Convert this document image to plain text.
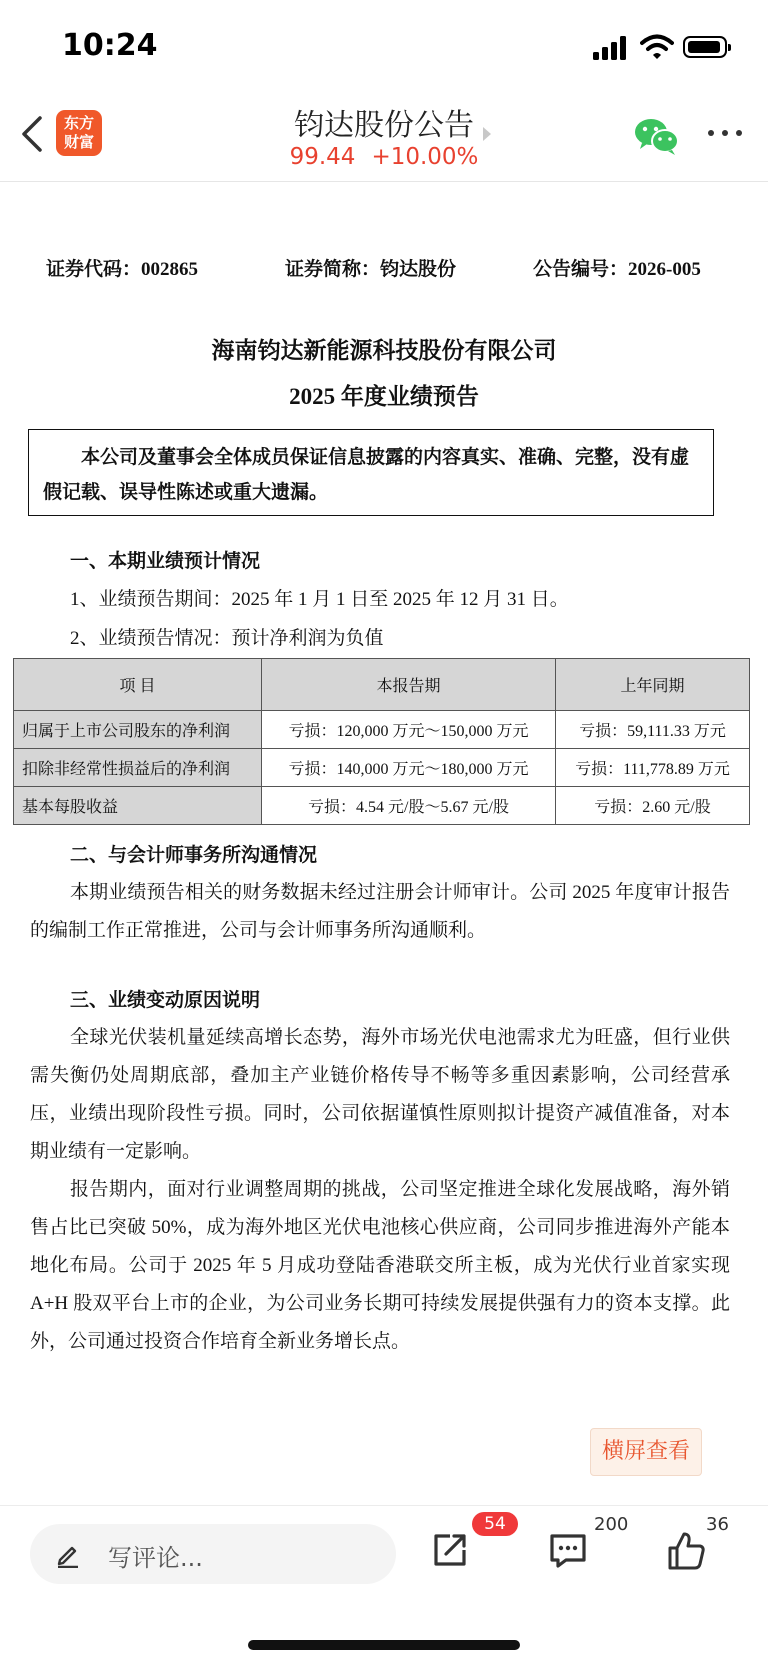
10:24
东方
财富	钧达股份公告
99.44 +10.00%
证券代码：002865	证券简称：钧达股份	公告编号：2026-005
海南钧达新能源科技股份有限公司
2025 年度业绩预告
本公司及董事会全体成员保证信息披露的内容真实、准确、完整，没有虚假记载、误导性陈述或重大遗漏。
一、本期业绩预计情况
1、业绩预告期间：2025 年 1 月 1 日至 2025 年 12 月 31 日。
2、业绩预告情况：预计净利润为负值
项 目	本报告期	上年同期
归属于上市公司股东的净利润	亏损：120,000 万元～150,000 万元	亏损：59,111.33 万元
扣除非经常性损益后的净利润	亏损：140,000 万元～180,000 万元	亏损：111,778.89 万元
基本每股收益	亏损：4.54 元/股～5.67 元/股	亏损：2.60 元/股
二、与会计师事务所沟通情况
本期业绩预告相关的财务数据未经过注册会计师审计。公司 2025 年度审计报告的编制工作正常推进，公司与会计师事务所沟通顺利。
三、业绩变动原因说明
全球光伏装机量延续高增长态势，海外市场光伏电池需求尤为旺盛，但行业供需失衡仍处周期底部，叠加主产业链价格传导不畅等多重因素影响，公司经营承压，业绩出现阶段性亏损。同时，公司依据谨慎性原则拟计提资产减值准备，对本期业绩有一定影响。
报告期内，面对行业调整周期的挑战，公司坚定推进全球化发展战略，海外销售占比已突破 50%，成为海外地区光伏电池核心供应商，公司同步推进海外产能本地化布局。公司于 2025 年 5 月成功登陆香港联交所主板，成为光伏行业首家实现 A+H 股双平台上市的企业，为公司业务长期可持续发展提供强有力的资本支撑。此外，公司通过投资合作培育全新业务增长点。
横屏查看
写评论...
54	200	36
